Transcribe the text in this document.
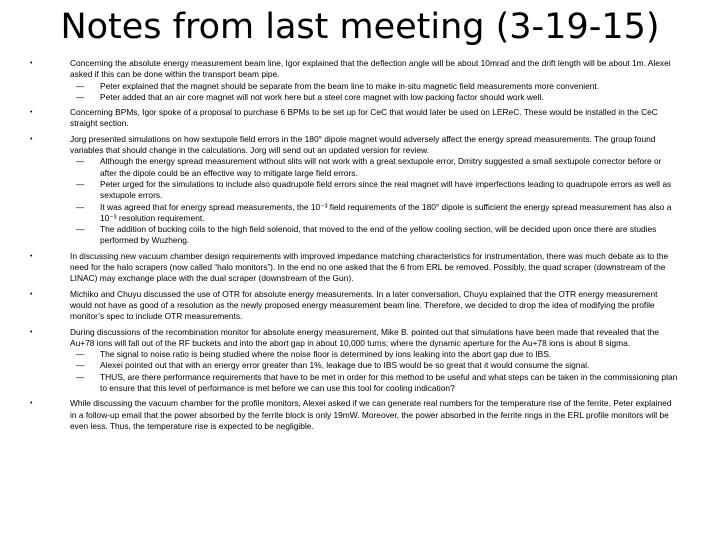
Notes from last meeting (3-19-15)
•	Concerning the absolute energy measurement beam line, Igor explained that the deflection angle will be about 10mrad and the drift length will be about 1m. Alexei asked if this can be done within the transport beam pipe.
— Peter explained that the magnet should be separate from the beam line to make in-situ magnetic field measurements more convenient.
— Peter added that an air core magnet will not work here but a steel core magnet with low packing factor should work well.
•	Concerning BPMs, Igor spoke of a proposal to purchase 6 BPMs to be set up for CeC that would later be used on LEReC. These would be installed in the CeC straight section.
•	Jorg presented simulations on how sextupole field errors in the 180° dipole magnet would adversely affect the energy spread measurements. The group found variables that should change in the calculations. Jorg will send out an updated version for review.
— Although the energy spread measurement without slits will not work with a great sextupole error, Dmitry suggested a small sextupole corrector before or after the dipole could be an effective way to mitigate large field errors.
— Peter urged for the simulations to include also quadrupole field errors since the real magnet will have imperfections leading to quadrupole errors as well as sextupole errors.
— It was agreed that for energy spread measurements, the 10⁻³ field requirements of the 180° dipole is sufficient the energy spread measurement has also a 10⁻³ resolution requirement.
— The addition of bucking coils to the high field solenoid, that moved to the end of the yellow cooling section, will be decided upon once there are studies performed by Wuzheng.
•	In discussing new vacuum chamber design requirements with improved impedance matching characteristics for instrumentation, there was much debate as to the need for the halo scrapers (now called “halo monitors”). In the end no one asked that the 6 from ERL be removed. Possibly, the quad scraper (downstream of the LINAC) may exchange place with the dual scraper (downstream of the Gun).
•	Michiko and Chuyu discussed the use of OTR for absolute energy measurements. In a later conversation, Chuyu explained that the OTR energy measurement would not have as good of a resolution as the newly proposed energy measurement beam line. Therefore, we decided to drop the idea of modifying the profile monitor’s spec to include OTR measurements.
•	During discussions of the recombination monitor for absolute energy measurement, Mike B. pointed out that simulations have been made that revealed that the Au+78 ions will fall out of the RF buckets and into the abort gap in about 10,000 turns; where the dynamic aperture for the Au+78 ions is about 8 sigma.
— The signal to noise ratio is being studied where the noise floor is determined by ions leaking into the abort gap due to IBS.
— Alexei pointed out that with an energy error greater than 1%, leakage due to IBS would be so great that it would consume the signal.
— THUS, are there performance requirements that have to be met in order for this method to be useful and what steps can be taken in the commissioning plan to ensure that this level of performance is met before we can use this tool for cooling indication?
•	While discussing the vacuum chamber for the profile monitors, Alexei asked if we can generate real numbers for the temperature rise of the ferrite. Peter explained in a follow-up email that the power absorbed by the ferrite block is only 19mW. Moreover, the power absorbed in the ferrite rings in the ERL profile monitors will be even less. Thus, the temperature rise is expected to be negligible.
